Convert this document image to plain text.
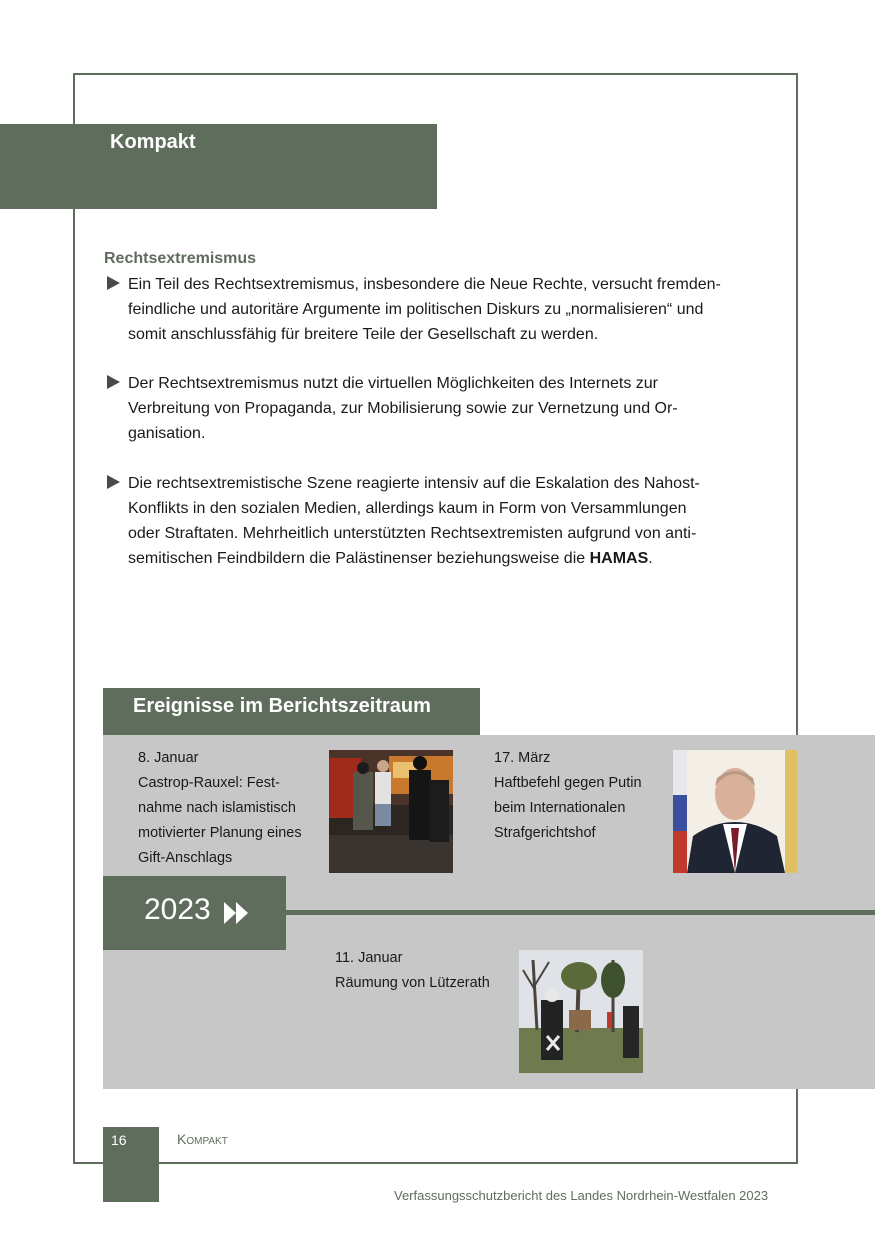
Kompakt
Rechtsextremismus
Ein Teil des Rechtsextremismus, insbesondere die Neue Rechte, versucht fremden-
feindliche und autoritäre Argumente im politischen Diskurs zu „normalisieren“ und
somit anschlussfähig für breitere Teile der Gesellschaft zu werden.
Der Rechtsextremismus nutzt die virtuellen Möglichkeiten des Internets zur
Verbreitung von Propaganda, zur Mobilisierung sowie zur Vernetzung und Or-
ganisation.
Die rechtsextremistische Szene reagierte intensiv auf die Eskalation des Nahost-
Konflikts in den sozialen Medien, allerdings kaum in Form von Versammlungen
oder Straftaten. Mehrheitlich unterstützten Rechtsextremisten aufgrund von anti-
semitischen Feindbildern die Palästinenser beziehungsweise die HAMAS.
Ereignisse im Berichtszeitraum
2023
8. Januar
Castrop-Rauxel: Fest-
nahme nach islamistisch
motivierter Planung eines
Gift-Anschlags
17. März
Haftbefehl gegen Putin
beim Internationalen
Strafgerichtshof
11. Januar
Räumung von Lützerath
16	Kompakt
Verfassungsschutzbericht des Landes Nordrhein-Westfalen 2023
